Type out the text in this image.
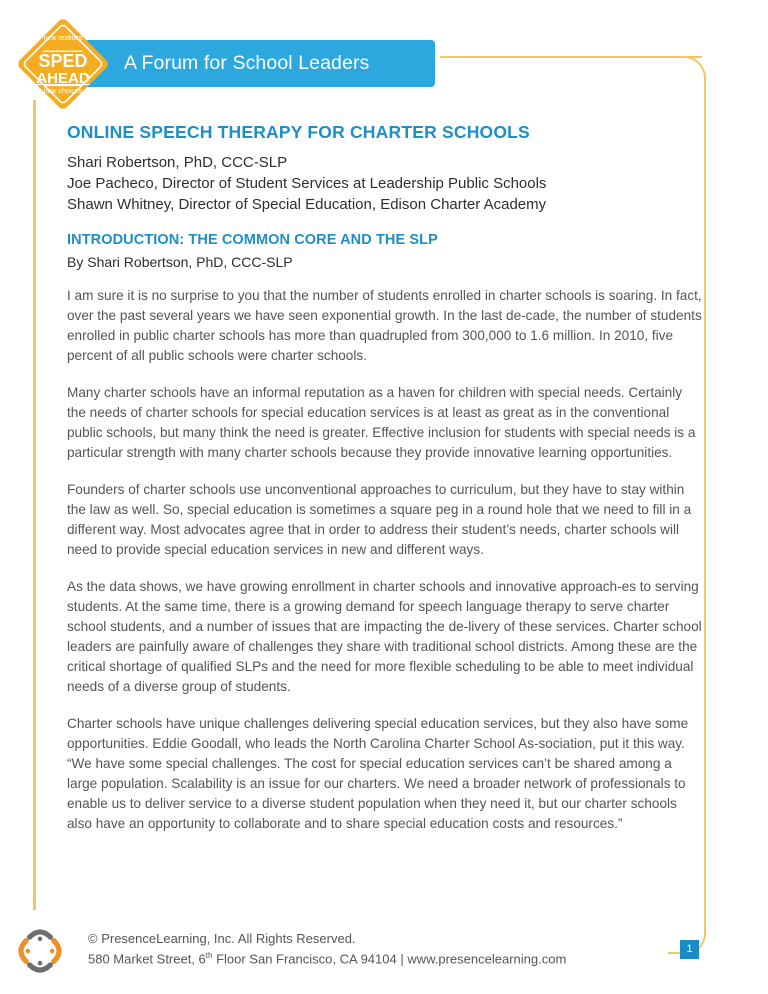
A Forum for School Leaders
new realities
SPED
AHEAD
new choices
ONLINE SPEECH THERAPY FOR CHARTER SCHOOLS
Shari Robertson, PhD, CCC-SLP
Joe Pacheco, Director of Student Services at Leadership Public Schools
Shawn Whitney, Director of Special Education, Edison Charter Academy
INTRODUCTION: THE COMMON CORE AND THE SLP
By Shari Robertson, PhD, CCC-SLP

I am sure it is no surprise to you that the number of students enrolled in charter schools is soaring. In fact, over the past several years we have seen exponential growth. In the last de-cade, the number of students enrolled in public charter schools has more than quadrupled from 300,000 to 1.6 million. In 2010, five percent of all public schools were charter schools.

Many charter schools have an informal reputation as a haven for children with special needs. Certainly the needs of charter schools for special education services is at least as great as in the conventional public schools, but many think the need is greater. Effective inclusion for students with special needs is a particular strength with many charter schools because they provide innovative learning opportunities.

Founders of charter schools use unconventional approaches to curriculum, but they have to stay within the law as well. So, special education is sometimes a square peg in a round hole that we need to fill in a different way. Most advocates agree that in order to address their student’s needs, charter schools will need to provide special education services in new and different ways.

As the data shows, we have growing enrollment in charter schools and innovative approach-es to serving students. At the same time, there is a growing demand for speech language therapy to serve charter school students, and a number of issues that are impacting the de-livery of these services. Charter school leaders are painfully aware of challenges they share with traditional school districts. Among these are the critical shortage of qualified SLPs and the need for more flexible scheduling to be able to meet individual needs of a diverse group of students.

Charter schools have unique challenges delivering special education services, but they also have some opportunities. Eddie Goodall, who leads the North Carolina Charter School As-sociation, put it this way. “We have some special challenges. The cost for special education services can’t be shared among a large population. Scalability is an issue for our charters. We need a broader network of professionals to enable us to deliver service to a diverse student population when they need it, but our charter schools also have an opportunity to collaborate and to share special education costs and resources.”

© PresenceLearning, Inc. All Rights Reserved.
580 Market Street, 6th Floor San Francisco, CA 94104 | www.presencelearning.com
1
